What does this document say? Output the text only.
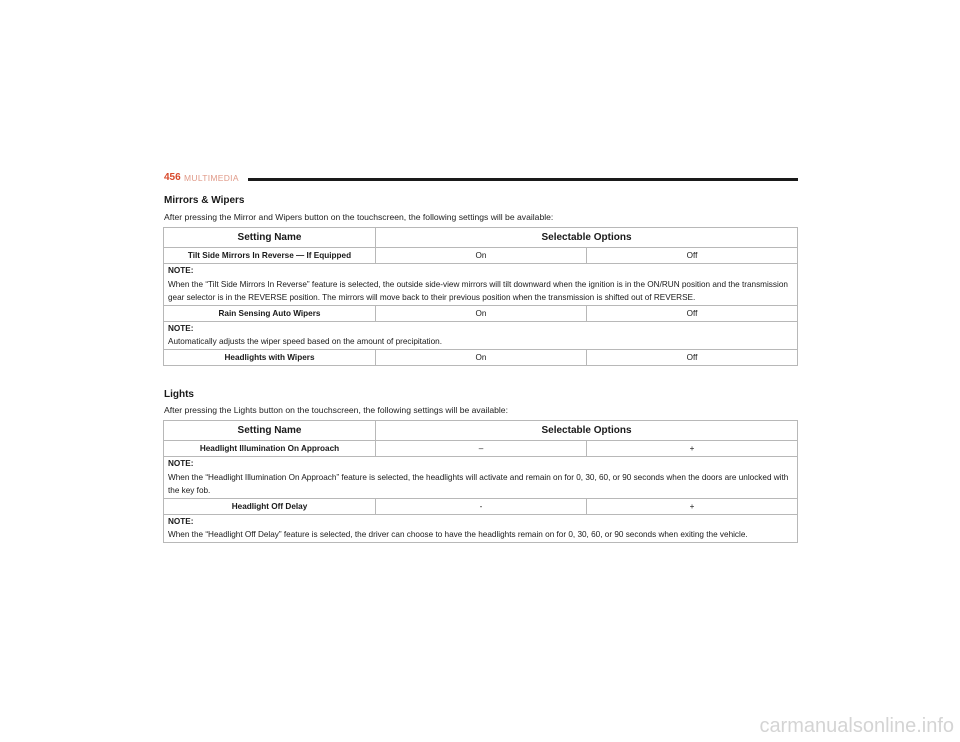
456 MULTIMEDIA
Mirrors & Wipers
After pressing the Mirror and Wipers button on the touchscreen, the following settings will be available:
Setting Name	Selectable Options	
Tilt Side Mirrors In Reverse — If Equipped	On	Off

NOTE:
When the “Tilt Side Mirrors In Reverse” feature is selected, the outside side-view mirrors will tilt downward when the ignition is in the ON/RUN position and the transmission gear selector is in the REVERSE position. The mirrors will move back to their previous position when the transmission is shifted out of REVERSE.		
Rain Sensing Auto Wipers	On	Off

NOTE:
Automatically adjusts the wiper speed based on the amount of precipitation.		
Headlights with Wipers	On	Off
Lights
After pressing the Lights button on the touchscreen, the following settings will be available:
Setting Name	Selectable Options	
Headlight Illumination On Approach	–	+

NOTE:
When the “Headlight Illumination On Approach” feature is selected, the headlights will activate and remain on for 0, 30, 60, or 90 seconds when the doors are unlocked with the key fob.		
Headlight Off Delay	-	+

NOTE:
When the “Headlight Off Delay” feature is selected, the driver can choose to have the headlights remain on for 0, 30, 60, or 90 seconds when exiting the vehicle.		
carmanualsonline.info
